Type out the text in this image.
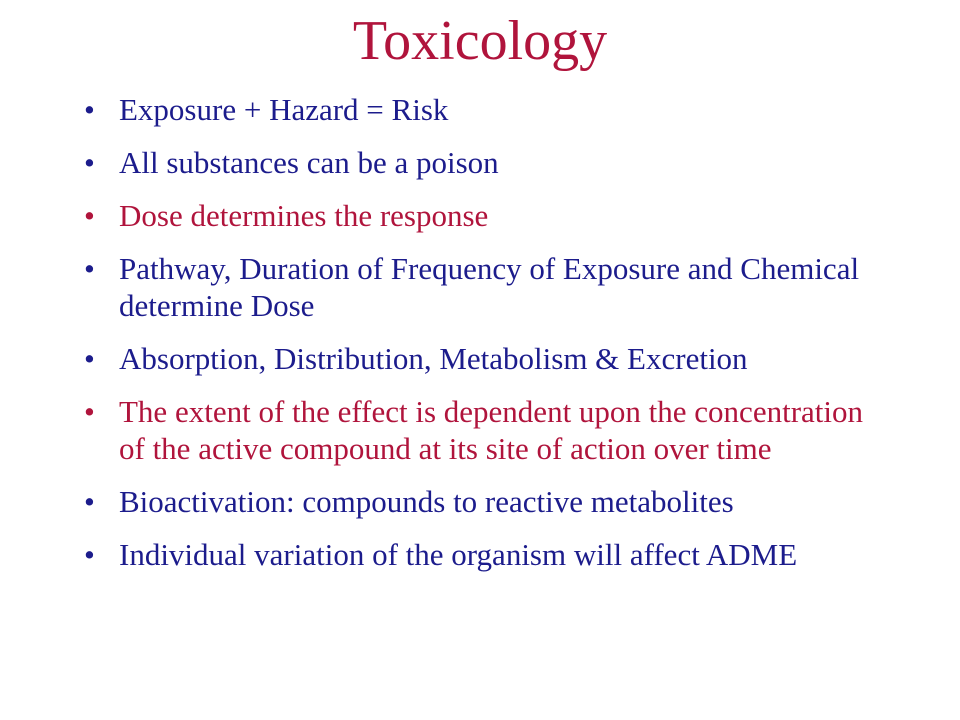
Toxicology
• Exposure + Hazard = Risk
• All substances can be a poison
• Dose determines the response
• Pathway, Duration of Frequency of Exposure and Chemical determine Dose
• Absorption, Distribution, Metabolism & Excretion
• The extent of the effect is dependent upon the concentration of the active compound at its site of action over time
• Bioactivation: compounds to reactive metabolites
• Individual variation of the organism will affect ADME
